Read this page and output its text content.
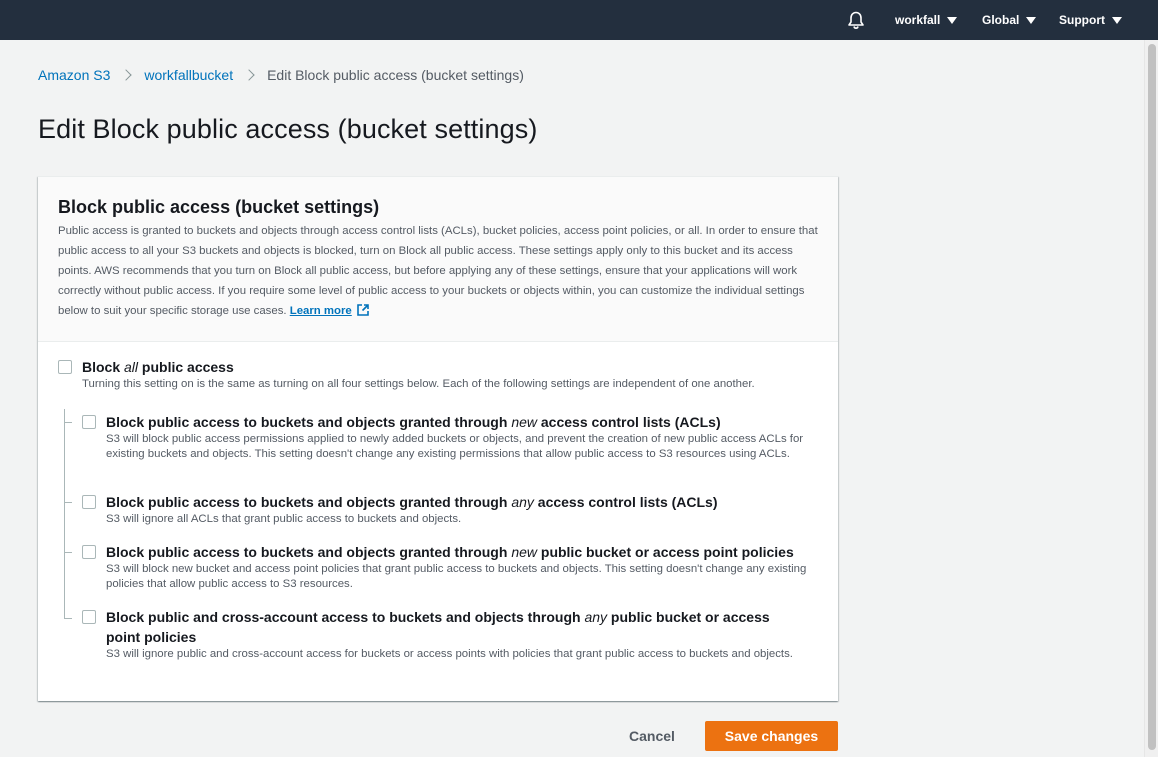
workfall	Global	Support
Amazon S3 workfallbucket Edit Block public access (bucket settings)
Edit Block public access (bucket settings)
Block public access (bucket settings)

Public access is granted to buckets and objects through access control lists (ACLs), bucket policies, access point policies, or all. In order to ensure that public access to all your S3 buckets and objects is blocked, turn on Block all public access. These settings apply only to this bucket and its access points. AWS recommends that you turn on Block all public access, but before applying any of these settings, ensure that your applications will work correctly without public access. If you require some level of public access to your buckets or objects within, you can customize the individual settings below to suit your specific storage use cases. Learn more

Block all public access
Turning this setting on is the same as turning on all four settings below. Each of the following settings are independent of one another.
Block public access to buckets and objects granted through new access control lists (ACLs)
S3 will block public access permissions applied to newly added buckets or objects, and prevent the creation of new public access ACLs for existing buckets and objects. This setting doesn't change any existing permissions that allow public access to S3 resources using ACLs.
Block public access to buckets and objects granted through any access control lists (ACLs)
S3 will ignore all ACLs that grant public access to buckets and objects.
Block public access to buckets and objects granted through new public bucket or access point policies
S3 will block new bucket and access point policies that grant public access to buckets and objects. This setting doesn't change any existing policies that allow public access to S3 resources.
Block public and cross-account access to buckets and objects through any public bucket or access point policies
S3 will ignore public and cross-account access for buckets or access points with policies that grant public access to buckets and objects.
Cancel	Save changes
